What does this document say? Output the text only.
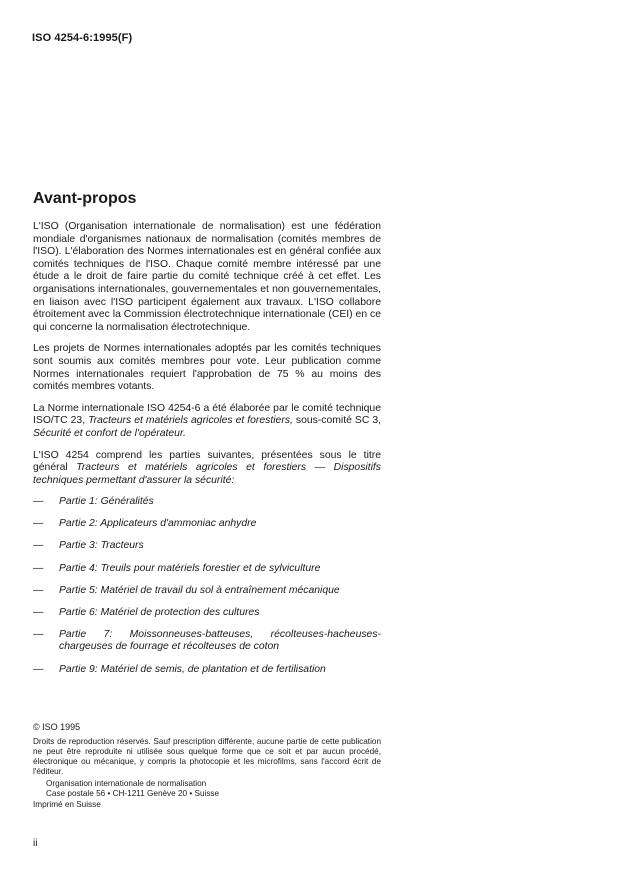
ISO 4254-6:1995(F)
Avant-propos

L'ISO (Organisation internationale de normalisation) est une fédération mondiale d'organismes nationaux de normalisation (comités membres de l'ISO). L'élaboration des Normes internationales est en général confiée aux comités techniques de l'ISO. Chaque comité membre intéressé par une étude a le droit de faire partie du comité technique créé à cet effet. Les organisations internationales, gouvernementales et non gouvernementales, en liaison avec l'ISO participent également aux travaux. L'ISO collabore étroitement avec la Commission électrotechnique internationale (CEI) en ce qui concerne la normalisation électrotechnique.

Les projets de Normes internationales adoptés par les comités techniques sont soumis aux comités membres pour vote. Leur publication comme Normes internationales requiert l'approbation de 75 % au moins des comités membres votants.

La Norme internationale ISO 4254-6 a été élaborée par le comité technique ISO/TC 23, Tracteurs et matériels agricoles et forestiers, sous-comité SC 3, Sécurité et confort de l'opérateur.

L'ISO 4254 comprend les parties suivantes, présentées sous le titre général Tracteurs et matériels agricoles et forestiers — Dispositifs techniques permettant d'assurer la sécurité:

—	Partie 1: Généralités
—	Partie 2: Applicateurs d'ammoniac anhydre
—	Partie 3: Tracteurs
—	Partie 4: Treuils pour matériels forestier et de sylviculture
—	Partie 5: Matériel de travail du sol à entraînement mécanique
—	Partie 6: Matériel de protection des cultures
—	Partie 7: Moissonneuses-batteuses, récolteuses-hacheuses-chargeuses de fourrage et récolteuses de coton
—	Partie 9: Matériel de semis, de plantation et de fertilisation
© ISO 1995
Droits de reproduction réservés. Sauf prescription différente, aucune partie de cette publication ne peut être reproduite ni utilisée sous quelque forme que ce soit et par aucun procédé, électronique ou mécanique, y compris la photocopie et les microfilms, sans l'accord écrit de l'éditeur.
Organisation internationale de normalisation
Case postale 56 • CH-1211 Genève 20 • Suisse
Imprimé en Suisse
ii
